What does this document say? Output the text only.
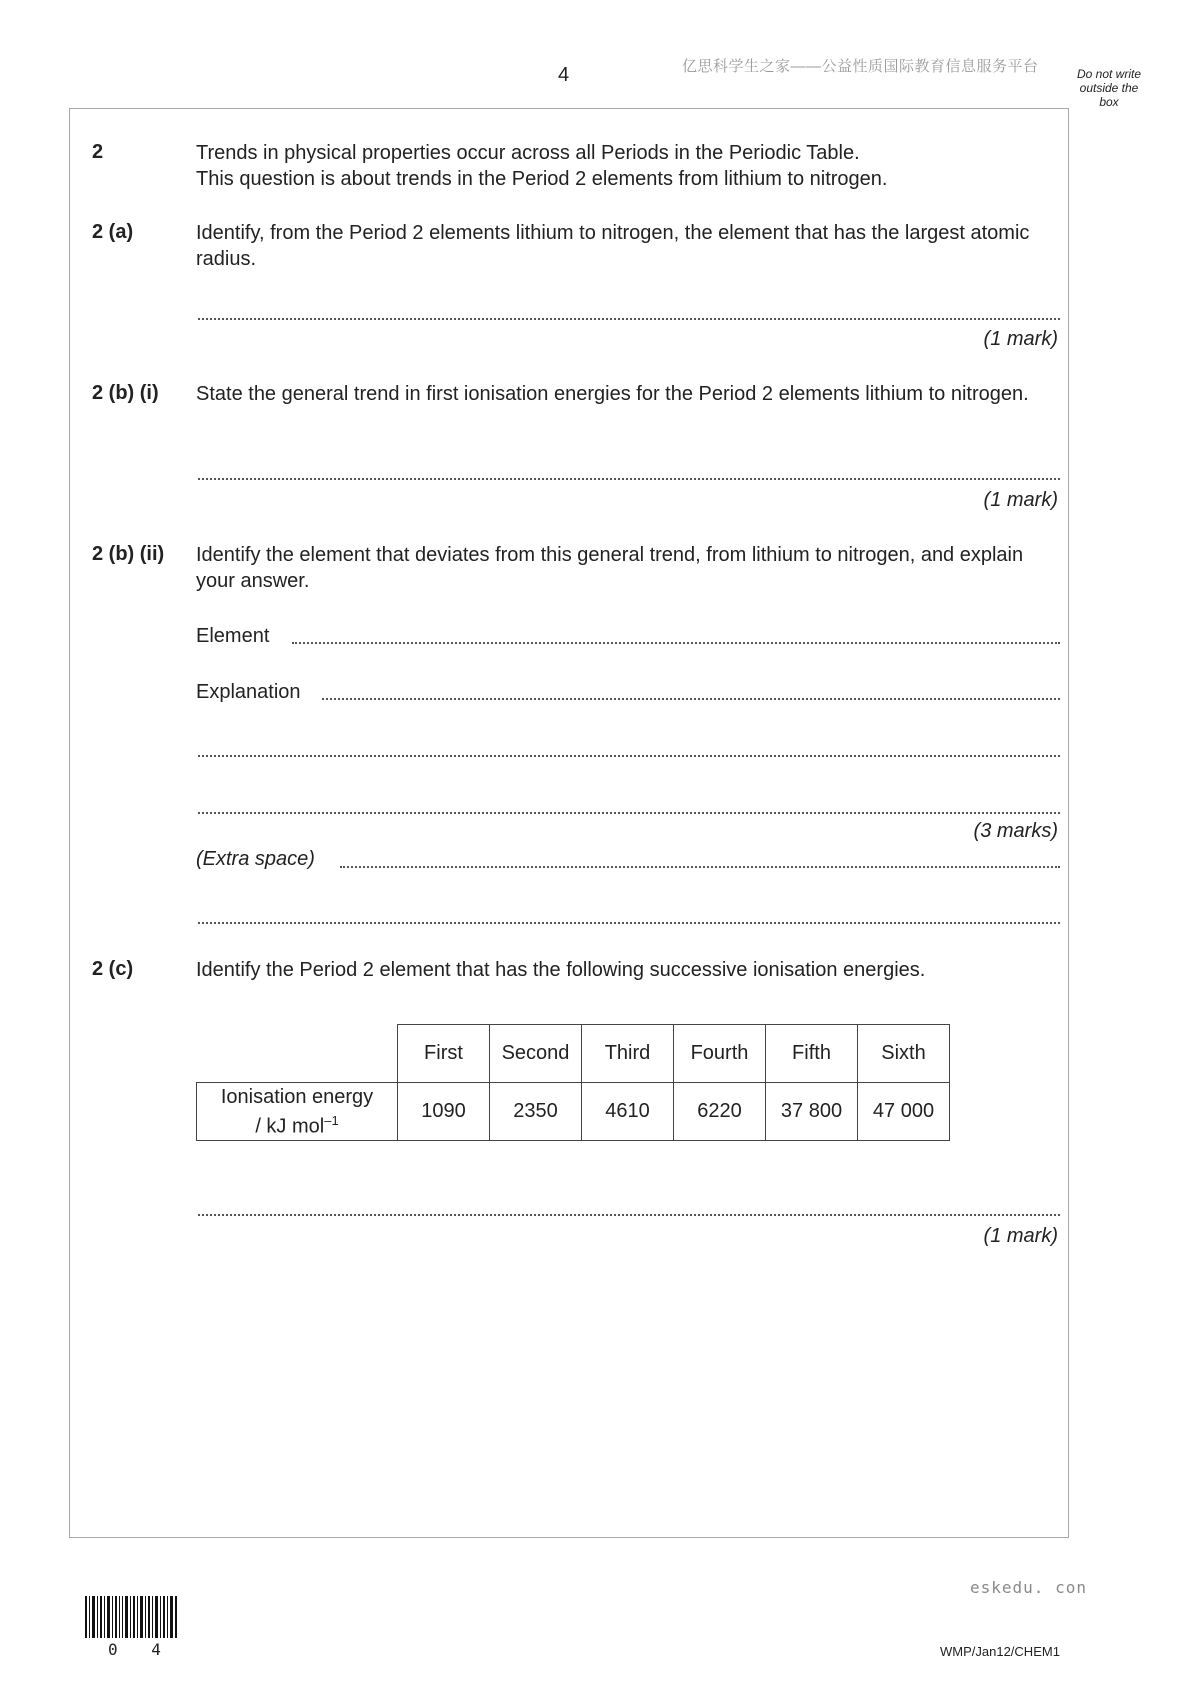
4	亿思科学生之家——公益性质国际教育信息服务平台	Do not write
outside the
box
2	Trends in physical properties occur across all Periods in the Periodic Table.
This question is about trends in the Period 2 elements from lithium to nitrogen.
2 (a)	Identify, from the Period 2 elements lithium to nitrogen, the element that has the largest atomic radius.
(1 mark)
2 (b) (i) State the general trend in first ionisation energies for the Period 2 elements lithium to nitrogen.
(1 mark)
2 (b) (ii) Identify the element that deviates from this general trend, from lithium to nitrogen, and explain your answer.
Element
Explanation
(3 marks)
(Extra space)
2 (c)	Identify the Period 2 element that has the following successive ionisation energies.
	First	Second	Third	Fourth	Fifth	Sixth
Ionisation energy
/ kJ mol$^{-1}$	1090	2350	4610	6220	37 800	47 000
(1 mark)
eskedu. con
0 4	WMP/Jan12/CHEM1
